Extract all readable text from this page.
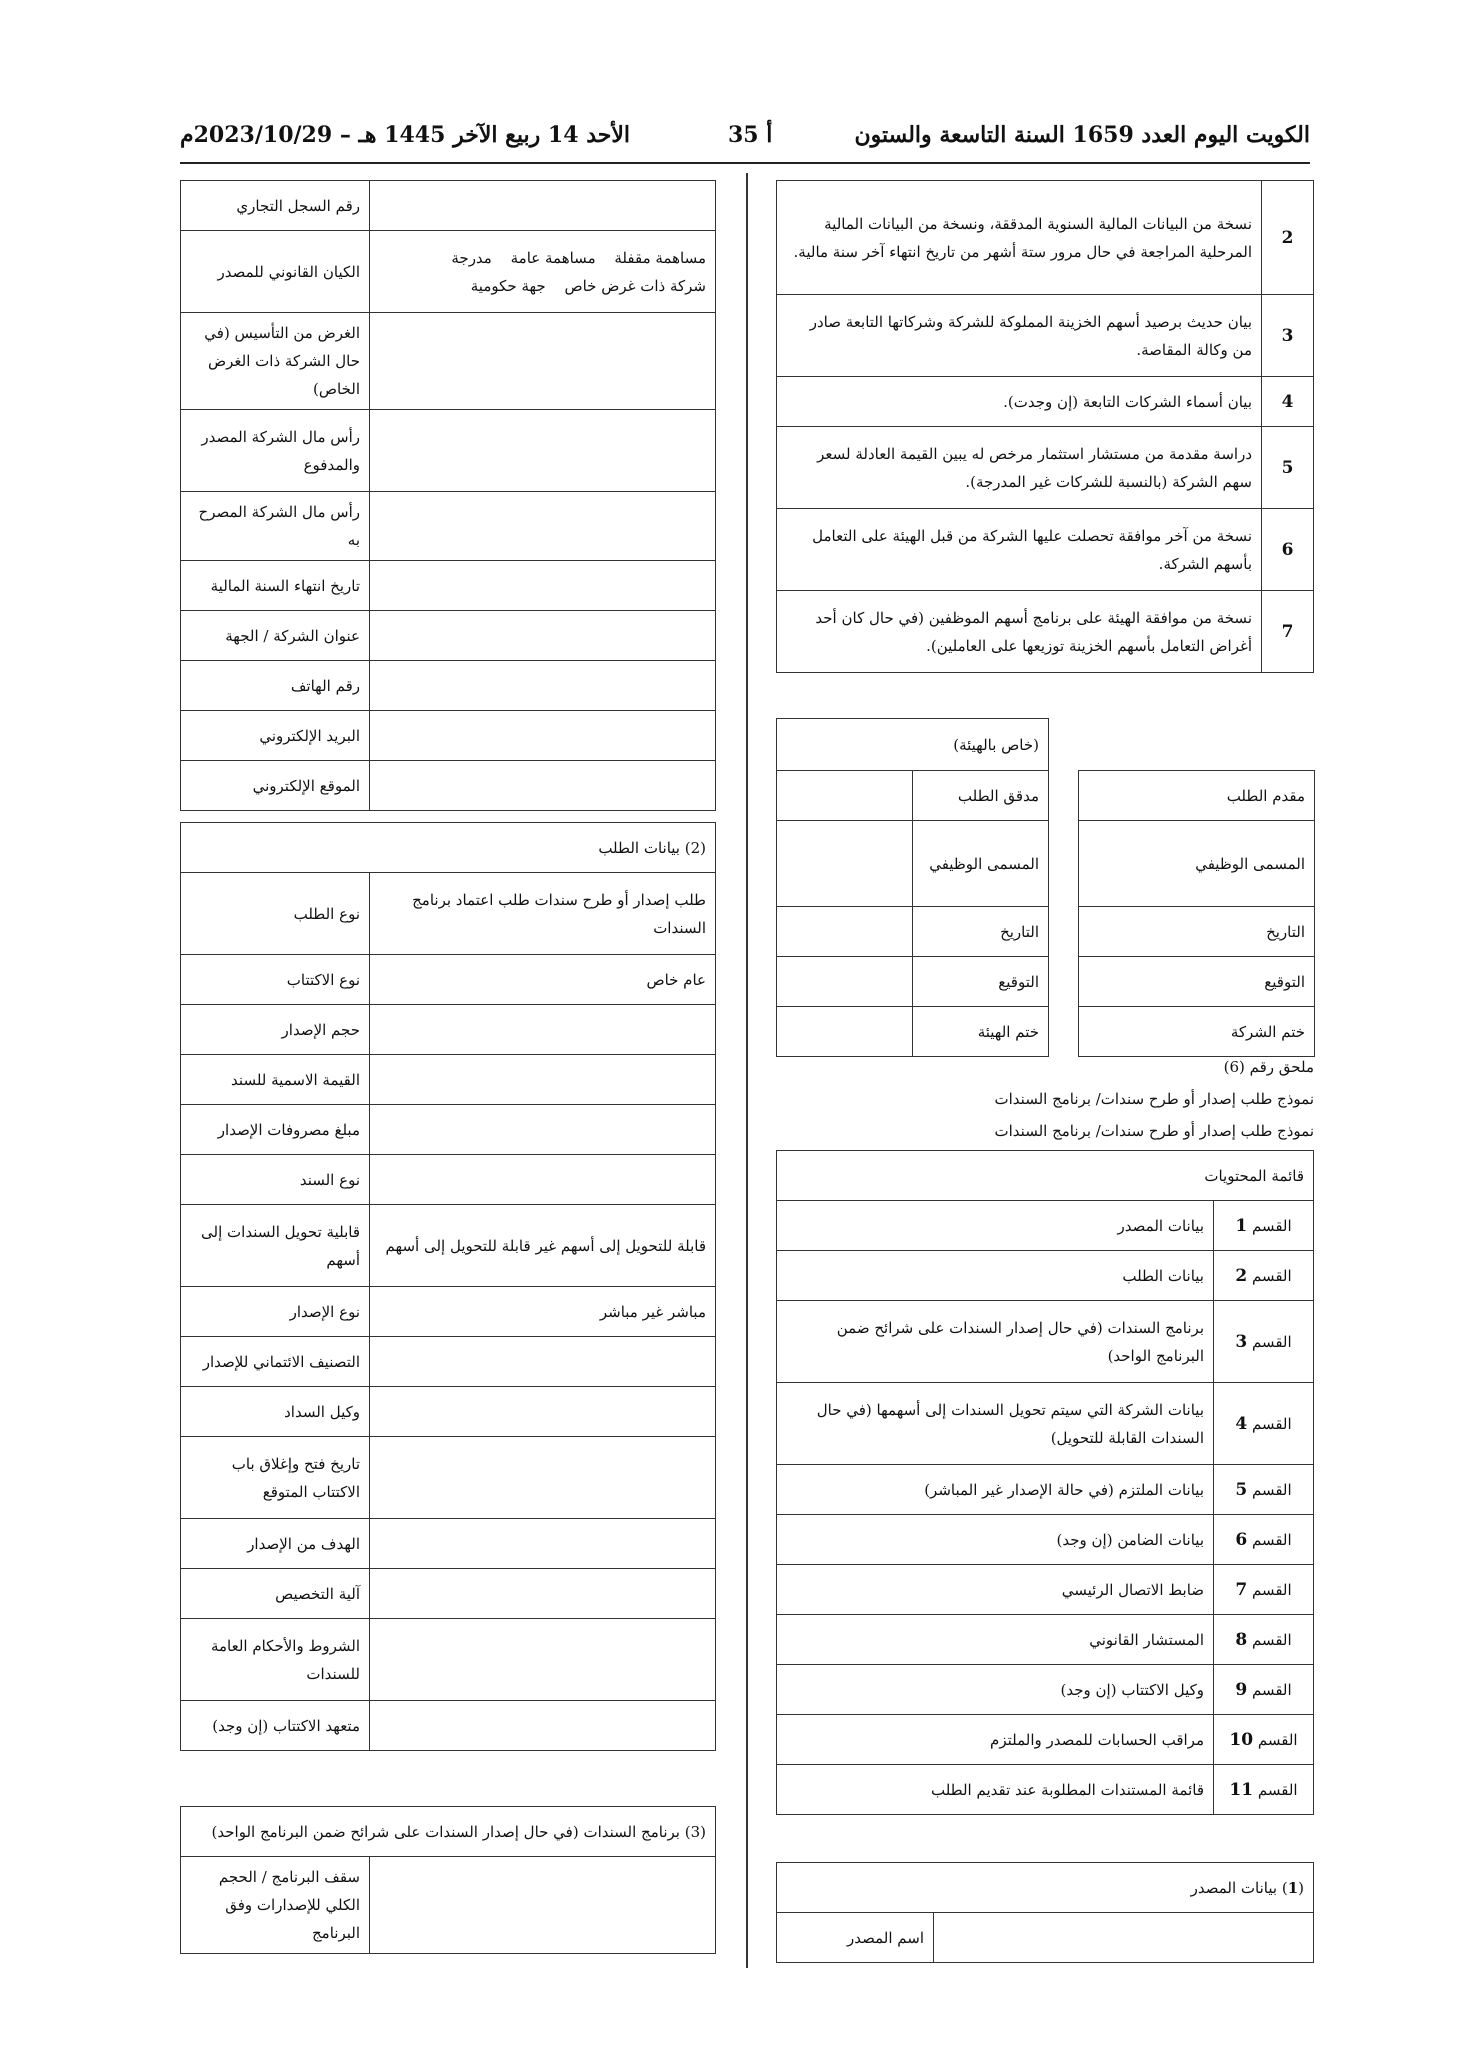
الكويت اليوم العدد 1659 السنة التاسعة والستون
أ 35
الأحد 14 ربيع الآخر 1445 هـ – 2023/10/29م
2	نسخة من البيانات المالية السنوية المدققة، ونسخة من البيانات المالية المرحلية المراجعة في حال مرور ستة أشهر من تاريخ انتهاء آخر سنة مالية.
3	بيان حديث برصيد أسهم الخزينة المملوكة للشركة وشركاتها التابعة صادر من وكالة المقاصة.
4	بيان أسماء الشركات التابعة (إن وجدت).
5	دراسة مقدمة من مستشار استثمار مرخص له يبين القيمة العادلة لسعر سهم الشركة (بالنسبة للشركات غير المدرجة).
6	نسخة من آخر موافقة تحصلت عليها الشركة من قبل الهيئة على التعامل بأسهم الشركة.
7	نسخة من موافقة الهيئة على برنامج أسهم الموظفين (في حال كان أحد أغراض التعامل بأسهم الخزينة توزيعها على العاملين).
		(خاص بالهيئة)	
مقدم الطلب		مدقق الطلب	
المسمى الوظيفي		المسمى الوظيفي	
التاريخ		التاريخ	
التوقيع		التوقيع	
ختم الشركة		ختم الهيئة	
ملحق رقم (6)
نموذج طلب إصدار أو طرح سندات/ برنامج السندات
نموذج طلب إصدار أو طرح سندات/ برنامج السندات
قائمة المحتويات	
القسم 1	بيانات المصدر
القسم 2	بيانات الطلب
القسم 3	برنامج السندات (في حال إصدار السندات على شرائح ضمن البرنامج الواحد)
القسم 4	بيانات الشركة التي سيتم تحويل السندات إلى أسهمها (في حال السندات القابلة للتحويل)
القسم 5	بيانات الملتزم (في حالة الإصدار غير المباشر)
القسم 6	بيانات الضامن (إن وجد)
القسم 7	ضابط الاتصال الرئيسي
القسم 8	المستشار القانوني
القسم 9	وكيل الاكتتاب (إن وجد)
القسم 10	مراقب الحسابات للمصدر والملتزم
القسم 11	قائمة المستندات المطلوبة عند تقديم الطلب
(1) بيانات المصدر
	اسم المصدر
	رقم السجل التجاري
مساهمة مقفلة مساهمة عامة مدرجة
شركة ذات غرض خاص جهة حكومية	الكيان القانوني للمصدر
	الغرض من التأسيس (في حال الشركة ذات الغرض الخاص)
	رأس مال الشركة المصدر والمدفوع
	رأس مال الشركة المصرح به
	تاريخ انتهاء السنة المالية
	عنوان الشركة / الجهة
	رقم الهاتف
	البريد الإلكتروني
	الموقع الإلكتروني
(2) بيانات الطلب	
طلب إصدار أو طرح سندات طلب اعتماد برنامج السندات	نوع الطلب
عام خاص	نوع الاكتتاب
	حجم الإصدار
	القيمة الاسمية للسند
	مبلغ مصروفات الإصدار
	نوع السند
قابلة للتحويل إلى أسهم غير قابلة للتحويل إلى أسهم	قابلية تحويل السندات إلى أسهم
مباشر غير مباشر	نوع الإصدار
	التصنيف الائتماني للإصدار
	وكيل السداد
	تاريخ فتح وإغلاق باب الاكتتاب المتوقع
	الهدف من الإصدار
	آلية التخصيص
	الشروط والأحكام العامة للسندات
	متعهد الاكتتاب (إن وجد)
(3) برنامج السندات (في حال إصدار السندات على شرائح ضمن البرنامج الواحد)
	سقف البرنامج / الحجم الكلي للإصدارات وفق البرنامج
